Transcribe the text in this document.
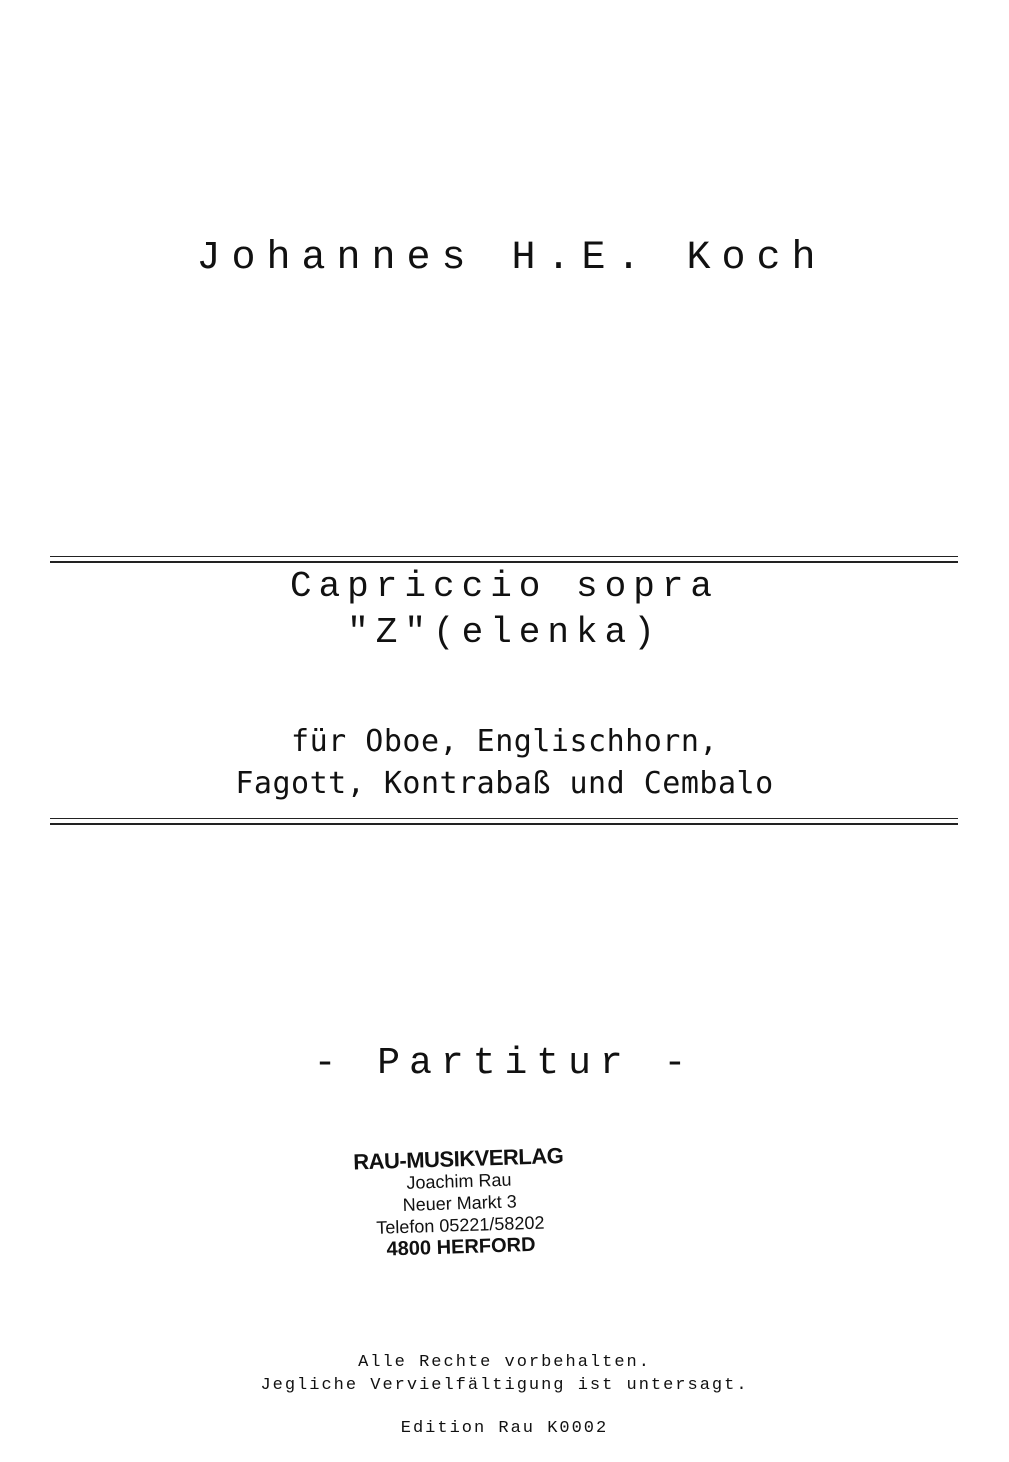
Johannes H.E. Koch
Capriccio sopra
"Z"(elenka)
für Oboe, Englischhorn,
Fagott, Kontrabaß und Cembalo
- Partitur -
RAU-MUSIKVERLAG
Joachim Rau
Neuer Markt 3
Telefon 05221/58202
4800 HERFORD
Alle Rechte vorbehalten.
Jegliche Vervielfältigung ist untersagt.
Edition Rau K0002
